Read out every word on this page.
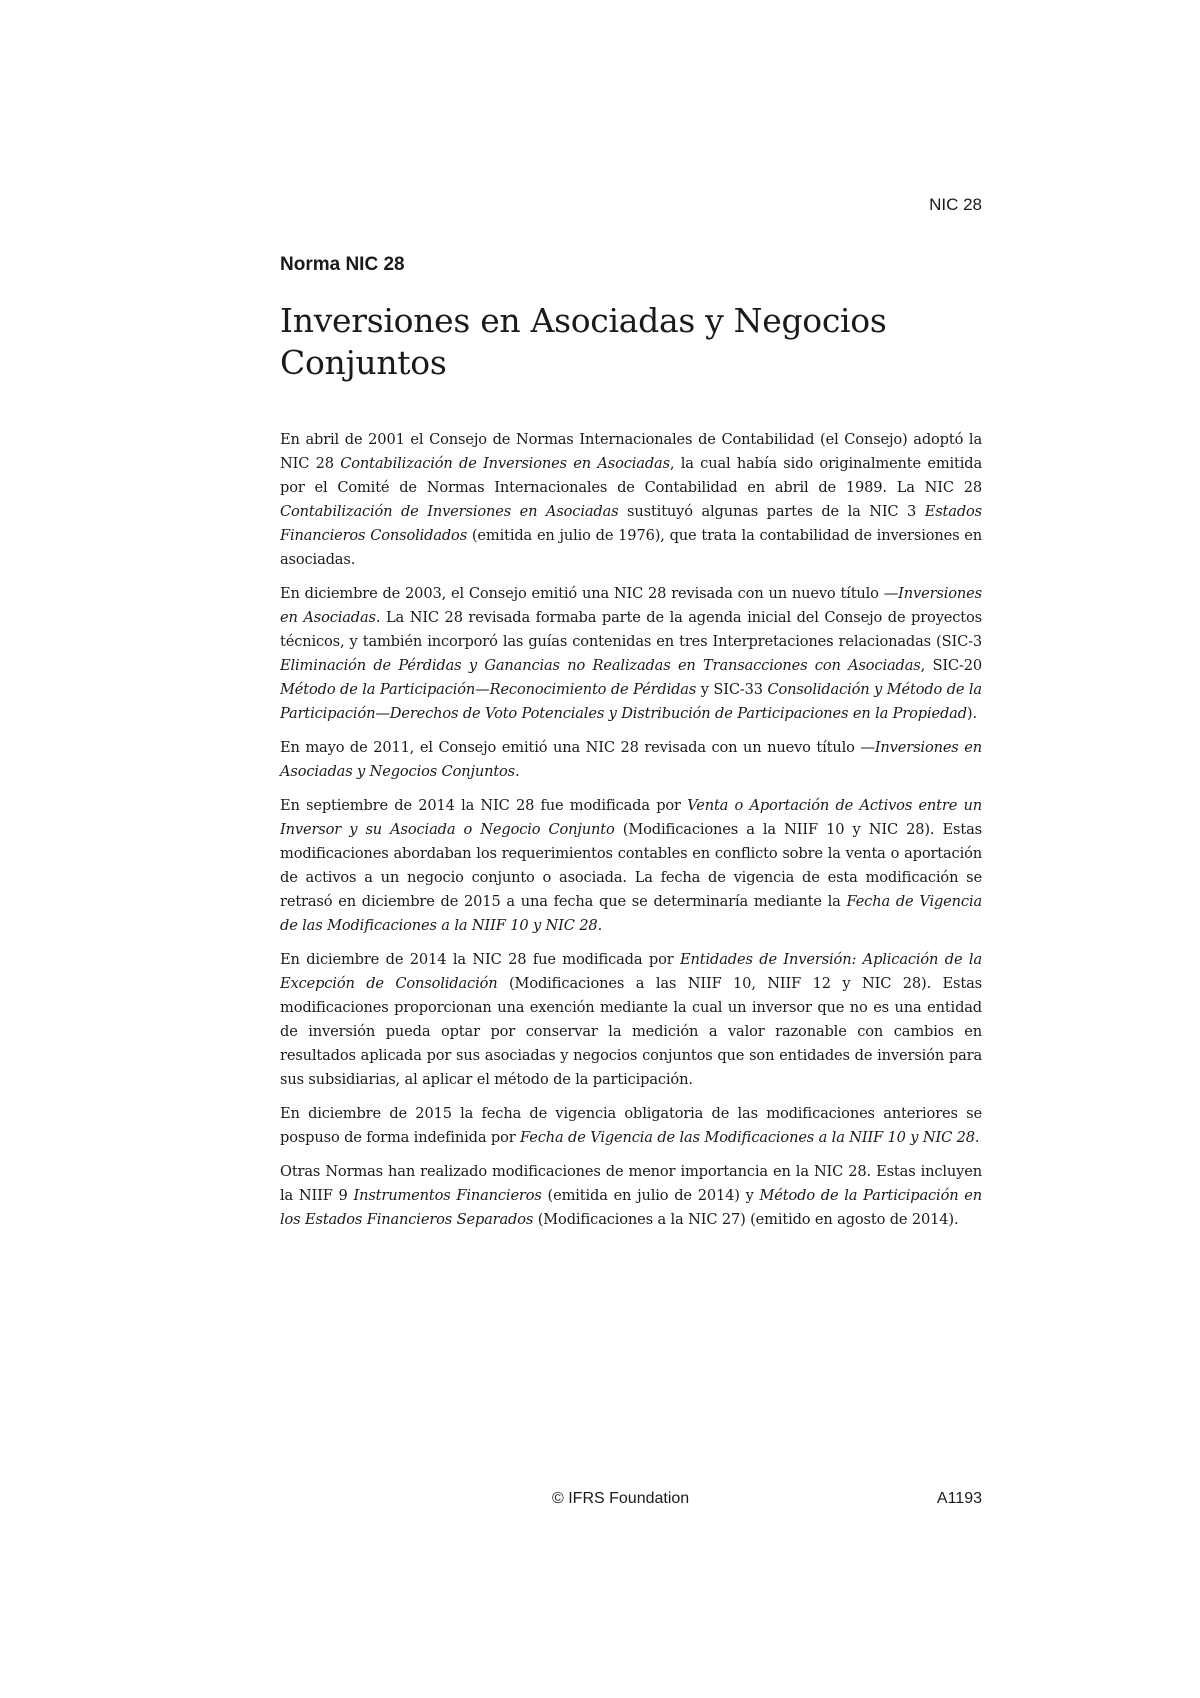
NIC 28

Norma NIC 28
Inversiones en Asociadas y Negocios Conjuntos

En abril de 2001 el Consejo de Normas Internacionales de Contabilidad (el Consejo) adoptó la NIC 28 Contabilización de Inversiones en Asociadas, la cual había sido originalmente emitida por el Comité de Normas Internacionales de Contabilidad en abril de 1989. La NIC 28 Contabilización de Inversiones en Asociadas sustituyó algunas partes de la NIC 3 Estados Financieros Consolidados (emitida en julio de 1976), que trata la contabilidad de inversiones en asociadas.

En diciembre de 2003, el Consejo emitió una NIC 28 revisada con un nuevo título —Inversiones en Asociadas. La NIC 28 revisada formaba parte de la agenda inicial del Consejo de proyectos técnicos, y también incorporó las guías contenidas en tres Interpretaciones relacionadas (SIC-3 Eliminación de Pérdidas y Ganancias no Realizadas en Transacciones con Asociadas, SIC-20 Método de la Participación—Reconocimiento de Pérdidas y SIC-33 Consolidación y Método de la Participación—Derechos de Voto Potenciales y Distribución de Participaciones en la Propiedad).

En mayo de 2011, el Consejo emitió una NIC 28 revisada con un nuevo título —Inversiones en Asociadas y Negocios Conjuntos.

En septiembre de 2014 la NIC 28 fue modificada por Venta o Aportación de Activos entre un Inversor y su Asociada o Negocio Conjunto (Modificaciones a la NIIF 10 y NIC 28). Estas modificaciones abordaban los requerimientos contables en conflicto sobre la venta o aportación de activos a un negocio conjunto o asociada. La fecha de vigencia de esta modificación se retrasó en diciembre de 2015 a una fecha que se determinaría mediante la Fecha de Vigencia de las Modificaciones a la NIIF 10 y NIC 28.

En diciembre de 2014 la NIC 28 fue modificada por Entidades de Inversión: Aplicación de la Excepción de Consolidación (Modificaciones a las NIIF 10, NIIF 12 y NIC 28). Estas modificaciones proporcionan una exención mediante la cual un inversor que no es una entidad de inversión pueda optar por conservar la medición a valor razonable con cambios en resultados aplicada por sus asociadas y negocios conjuntos que son entidades de inversión para sus subsidiarias, al aplicar el método de la participación.

En diciembre de 2015 la fecha de vigencia obligatoria de las modificaciones anteriores se pospuso de forma indefinida por Fecha de Vigencia de las Modificaciones a la NIIF 10 y NIC 28.

Otras Normas han realizado modificaciones de menor importancia en la NIC 28. Estas incluyen la NIIF 9 Instrumentos Financieros (emitida en julio de 2014) y Método de la Participación en los Estados Financieros Separados (Modificaciones a la NIC 27) (emitido en agosto de 2014).

© IFRS Foundation	A1193
